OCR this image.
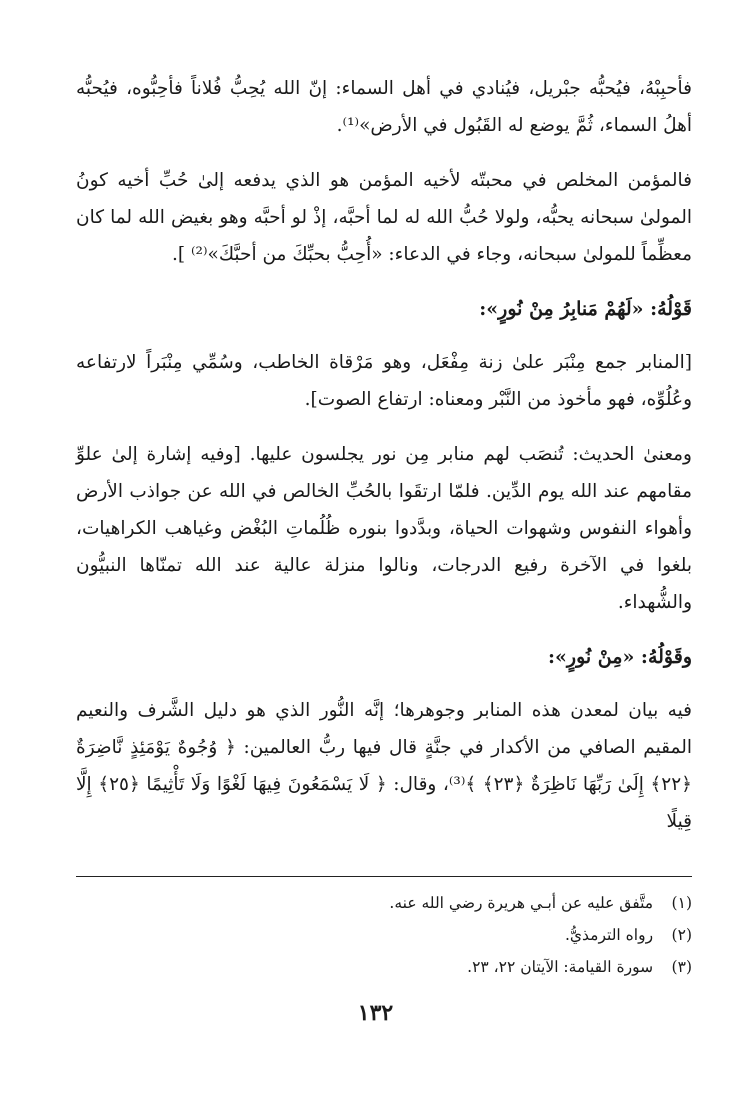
فأحبِبْهُ، فيُحبُّه جبْريل، فيُنادي في أهل السماء: إنّ الله يُحِبُّ فُلاناً فأحِبُّوه، فيُحبُّه أهلُ السماء، ثُمَّ يوضع له القَبُول في الأرض»⁽¹⁾.

فالمؤمن المخلص في محبتّه لأخيه المؤمن هو الذي يدفعه إلىٰ حُبِّ أخيه كونُ المولىٰ سبحانه يحبُّه، ولولا حُبُّ الله له لما أحبَّه، إذْ لو أحبَّه وهو بغيض الله لما كان معظِّماً للمولىٰ سبحانه، وجاء في الدعاء: «أُحِبُّ بحبِّكَ من أحبَّكَ»⁽²⁾ ].

قَوْلُهُ: «لَهُمْ مَنابِرُ مِنْ نُورٍ»:

[المنابر جمع مِنْبَر علىٰ زنة مِفْعَل، وهو مَرْقاة الخاطب، وسُمِّي مِنْبَراً لارتفاعه وعُلُوِّه، فهو مأخوذ من النَّبْر ومعناه: ارتفاع الصوت].

ومعنىٰ الحديث: تُنصَب لهم منابر مِن نور يجلسون عليها. [وفيه إشارة إلىٰ علوِّ مقامهم عند الله يوم الدِّين. فلمّا ارتقَوا بالحُبِّ الخالص في الله عن جواذب الأرض وأهواء النفوس وشهوات الحياة، وبدَّدوا بنوره ظُلُماتِ البُغْض وغياهب الكراهيات، بلغوا في الآخرة رفيع الدرجات، ونالوا منزلة عالية عند الله تمنّاها النبيُّون والشُّهداء.

وقَوْلُهُ: «مِنْ نُورٍ»:

فيه بيان لمعدن هذه المنابر وجوهرها؛ إنَّه النُّور الذي هو دليل الشَّرف والنعيم المقيم الصافي من الأكدار في جنَّةٍ قال فيها ربُّ العالمين: ﴿ وُجُوهٌ يَوْمَئِذٍ نَّاضِرَةٌ ﴿٢٢﴾ إِلَىٰ رَبِّهَا نَاظِرَةٌ ﴿٢٣﴾ ﴾⁽³⁾، وقال: ﴿ لَا يَسْمَعُونَ فِيهَا لَغْوًا وَلَا تَأْثِيمًا ﴿٢٥﴾ إِلَّا قِيلًا

(١) متَّفق عليه عن أبـي هريرة رضي الله عنه.

(٢) رواه الترمذيُّ.

(٣) سورة القيامة: الآيتان ٢٢، ٢٣.

١٣٢
